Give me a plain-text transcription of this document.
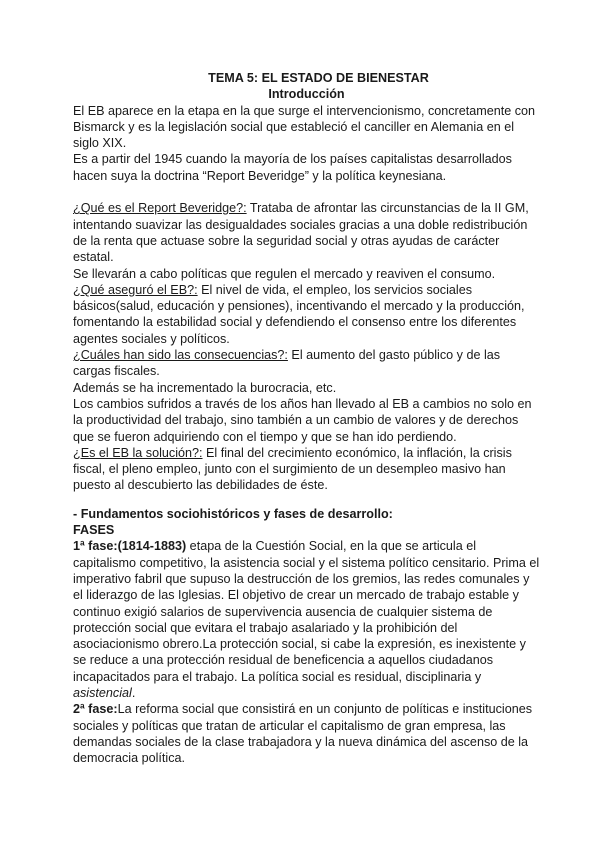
TEMA 5: EL ESTADO DE BIENESTAR

Introducción

El EB aparece en la etapa en la que surge el intervencionismo, concretamente con Bismarck y es la legislación social que estableció el canciller en Alemania en el siglo XIX.

Es a partir del 1945 cuando la mayoría de los países capitalistas desarrollados hacen suya la doctrina “Report Beveridge” y la política keynesiana.

¿Qué es el Report Beveridge?: Trataba de afrontar las circunstancias de la II GM, intentando suavizar las desigualdades sociales gracias a una doble redistribución de la renta que actuase sobre la seguridad social y otras ayudas de carácter estatal.

Se llevarán a cabo políticas que regulen el mercado y reaviven el consumo.

¿Qué aseguró el EB?: El nivel de vida, el empleo, los servicios sociales básicos(salud, educación y pensiones), incentivando el mercado y la producción, fomentando la estabilidad social y defendiendo el consenso entre los diferentes agentes sociales y políticos.

¿Cuáles han sido las consecuencias?: El aumento del gasto público y de las cargas fiscales.

Además se ha incrementado la burocracia, etc.

Los cambios sufridos a través de los años han llevado al EB a cambios no solo en la productividad del trabajo, sino también a un cambio de valores y de derechos que se fueron adquiriendo con el tiempo y que se han ido perdiendo.

¿Es el EB la solución?: El final del crecimiento económico, la inflación, la crisis fiscal, el pleno empleo, junto con el surgimiento de un desempleo masivo han puesto al descubierto las debilidades de éste.

- Fundamentos sociohistóricos y fases de desarrollo:

FASES

1ª fase:(1814-1883) etapa de la Cuestión Social, en la que se articula el capitalismo competitivo, la asistencia social y el sistema político censitario. Prima el imperativo fabril que supuso la destrucción de los gremios, las redes comunales y el liderazgo de las Iglesias. El objetivo de crear un mercado de trabajo estable y continuo exigió salarios de supervivencia ausencia de cualquier sistema de protección social que evitara el trabajo asalariado y la prohibición del asociacionismo obrero.La protección social, si cabe la expresión, es inexistente y se reduce a una protección residual de beneficencia a aquellos ciudadanos incapacitados para el trabajo. La política social es residual, disciplinaria y asistencial.

2ª fase:La reforma social que consistirá en un conjunto de políticas e instituciones sociales y políticas que tratan de articular el capitalismo de gran empresa, las demandas sociales de la clase trabajadora y la nueva dinámica del ascenso de la democracia política.
